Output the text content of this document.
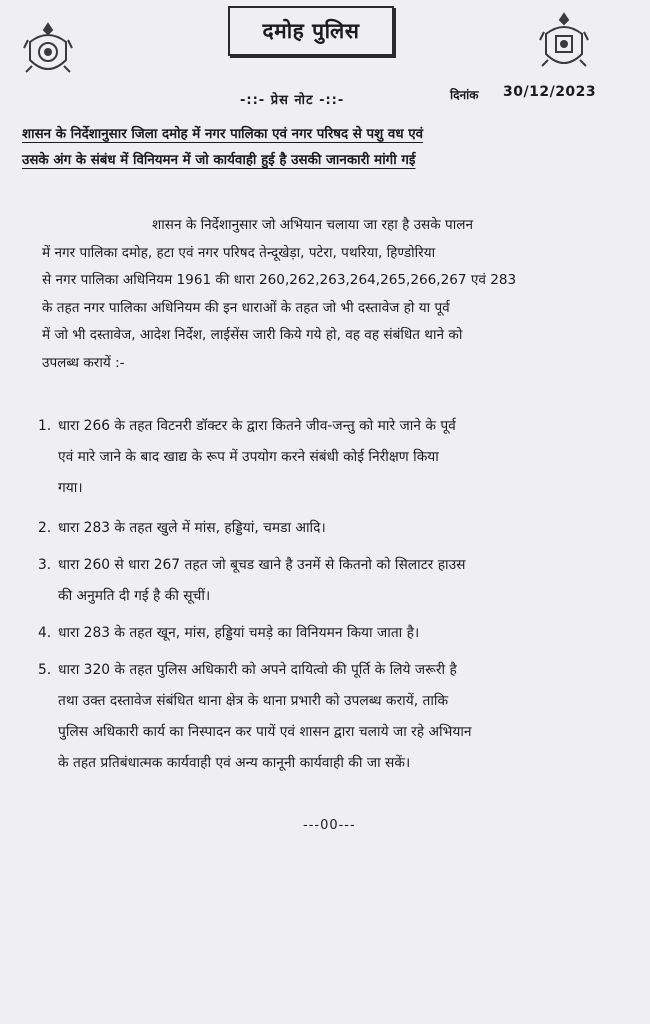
दमोह पुलिस
-::- प्रेस नोट -::-	दिनांक 30/12/2023
शासन के निर्देशानुसार जिला दमोह में नगर पालिका एवं नगर परिषद से पशु वध एवं
उसके अंग के संबंध में विनियमन में जो कार्यवाही हुई है उसकी जानकारी मांगी गई
शासन के निर्देशानुसार जो अभियान चलाया जा रहा है उसके पालन
में नगर पालिका दमोह, हटा एवं नगर परिषद तेन्दूखेड़ा, पटेरा, पथरिया, हिण्डोरिया
से नगर पालिका अधिनियम 1961 की धारा 260,262,263,264,265,266,267 एवं 283
के तहत नगर पालिका अधिनियम की इन धाराओं के तहत जो भी दस्तावेज हो या पूर्व
में जो भी दस्तावेज, आदेश निर्देश, लाईसेंस जारी किये गये हो, वह वह संबंधित थाने को
उपलब्ध करायें :-
1. धारा 266 के तहत विटनरी डॉक्टर के द्वारा कितने जीव-जन्तु को मारे जाने के पूर्व
एवं मारे जाने के बाद खाद्य के रूप में उपयोग करने संबंधी कोई निरीक्षण किया
गया।
2. धारा 283 के तहत खुले में मांस, हड्डियां, चमडा आदि।
3. धारा 260 से धारा 267 तहत जो बूचड खाने है उनमें से कितनो को सिलाटर हाउस
की अनुमति दी गई है की सूचीं।
4. धारा 283 के तहत खून, मांस, हड्डियां चमड़े का विनियमन किया जाता है।
5. धारा 320 के तहत पुलिस अधिकारी को अपने दायित्वो की पूर्ति के लिये जरूरी है
तथा उक्त दस्तावेज संबंधित थाना क्षेत्र के थाना प्रभारी को उपलब्ध करायें, ताकि
पुलिस अधिकारी कार्य का निस्पादन कर पायें एवं शासन द्वारा चलाये जा रहे अभियान
के तहत प्रतिबंधात्मक कार्यवाही एवं अन्य कानूनी कार्यवाही की जा सकें।
---00---
